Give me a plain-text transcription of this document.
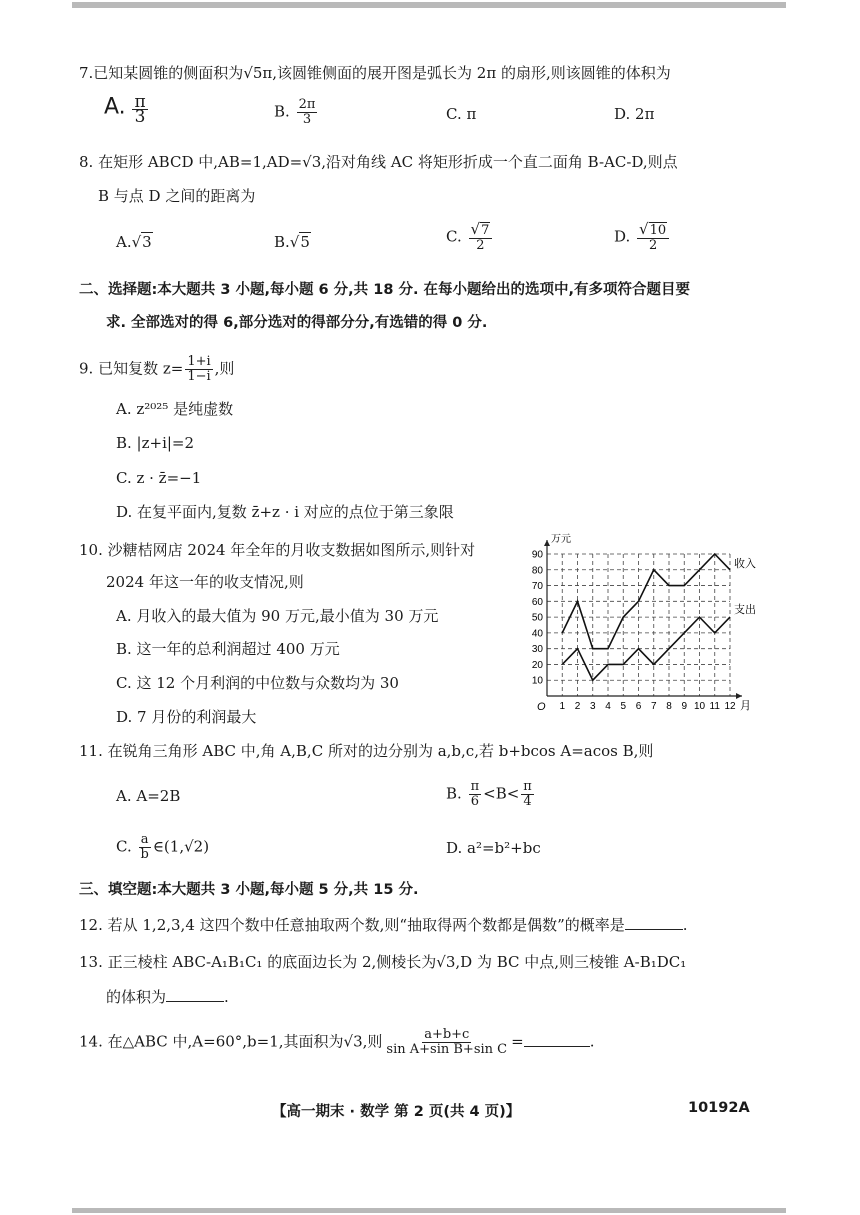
7.已知某圆锥的侧面积为√5π,该圆锥侧面的展开图是弧长为 2π 的扇形,则该圆锥的体积为
A. $\frac{\pi}{3}$	B. $\frac{2\pi}{3}$	C. π	D. 2π
8. 在矩形 ABCD 中,AB=1,AD=√3,沿对角线 AC 将矩形折成一个直二面角 B-AC-D,则点
B 与点 D 之间的距离为
A.√3	B.√5	C. $\frac{√7}{2}$	D. $\frac{√10}{2}$
二、选择题:本大题共 3 小题,每小题 6 分,共 18 分. 在每小题给出的选项中,有多项符合题目要
求. 全部选对的得 6,部分选对的得部分分,有选错的得 0 分.
9. 已知复数 $z= \frac{1+i}{1-i}$ ,则
A. z²⁰²⁵ 是纯虚数
B. |z+i|=2
C. z · z̄=−1
D. 在复平面内,复数 z̄+z · i 对应的点位于第三象限
10. 沙糖桔网店 2024 年全年的月收支数据如图所示,则针对
2024 年这一年的收支情况,则
A. 月收入的最大值为 90 万元,最小值为 30 万元
B. 这一年的总利润超过 400 万元
C. 这 12 个月利润的中位数与众数均为 30
D. 7 月份的利润最大
10
20
30
40
50
60
70
80
90
1 2 3 4 5 6 7 8 9 10 11 12
O
万元
月
收入
支出
11. 在锐角三角形 ABC 中,角 A,B,C 所对的边分别为 a,b,c,若 b+bcos A=acos B,则
A. A=2B	B. $\frac{\pi}{6} <B< \frac{\pi}{4}$
C. $\frac{a}{b}$ ∈(1,√2)	D. a²=b²+bc
三、填空题:本大题共 3 小题,每小题 5 分,共 15 分.
12. 若从 1,2,3,4 这四个数中任意抽取两个数,则“抽取得两个数都是偶数”的概率是	.
13. 正三棱柱 ABC-A₁B₁C₁ 的底面边长为 2,侧棱长为√3,D 为 BC 中点,则三棱锥 A-B₁DC₁
的体积为	.
14. 在△ABC 中,A=60°,b=1,其面积为√3,则 $\frac{a+b+c}{\text{sin A+sin B+sin C}}$ =	.
【高一期末 · 数学 第 2 页(共 4 页)】	10192A
